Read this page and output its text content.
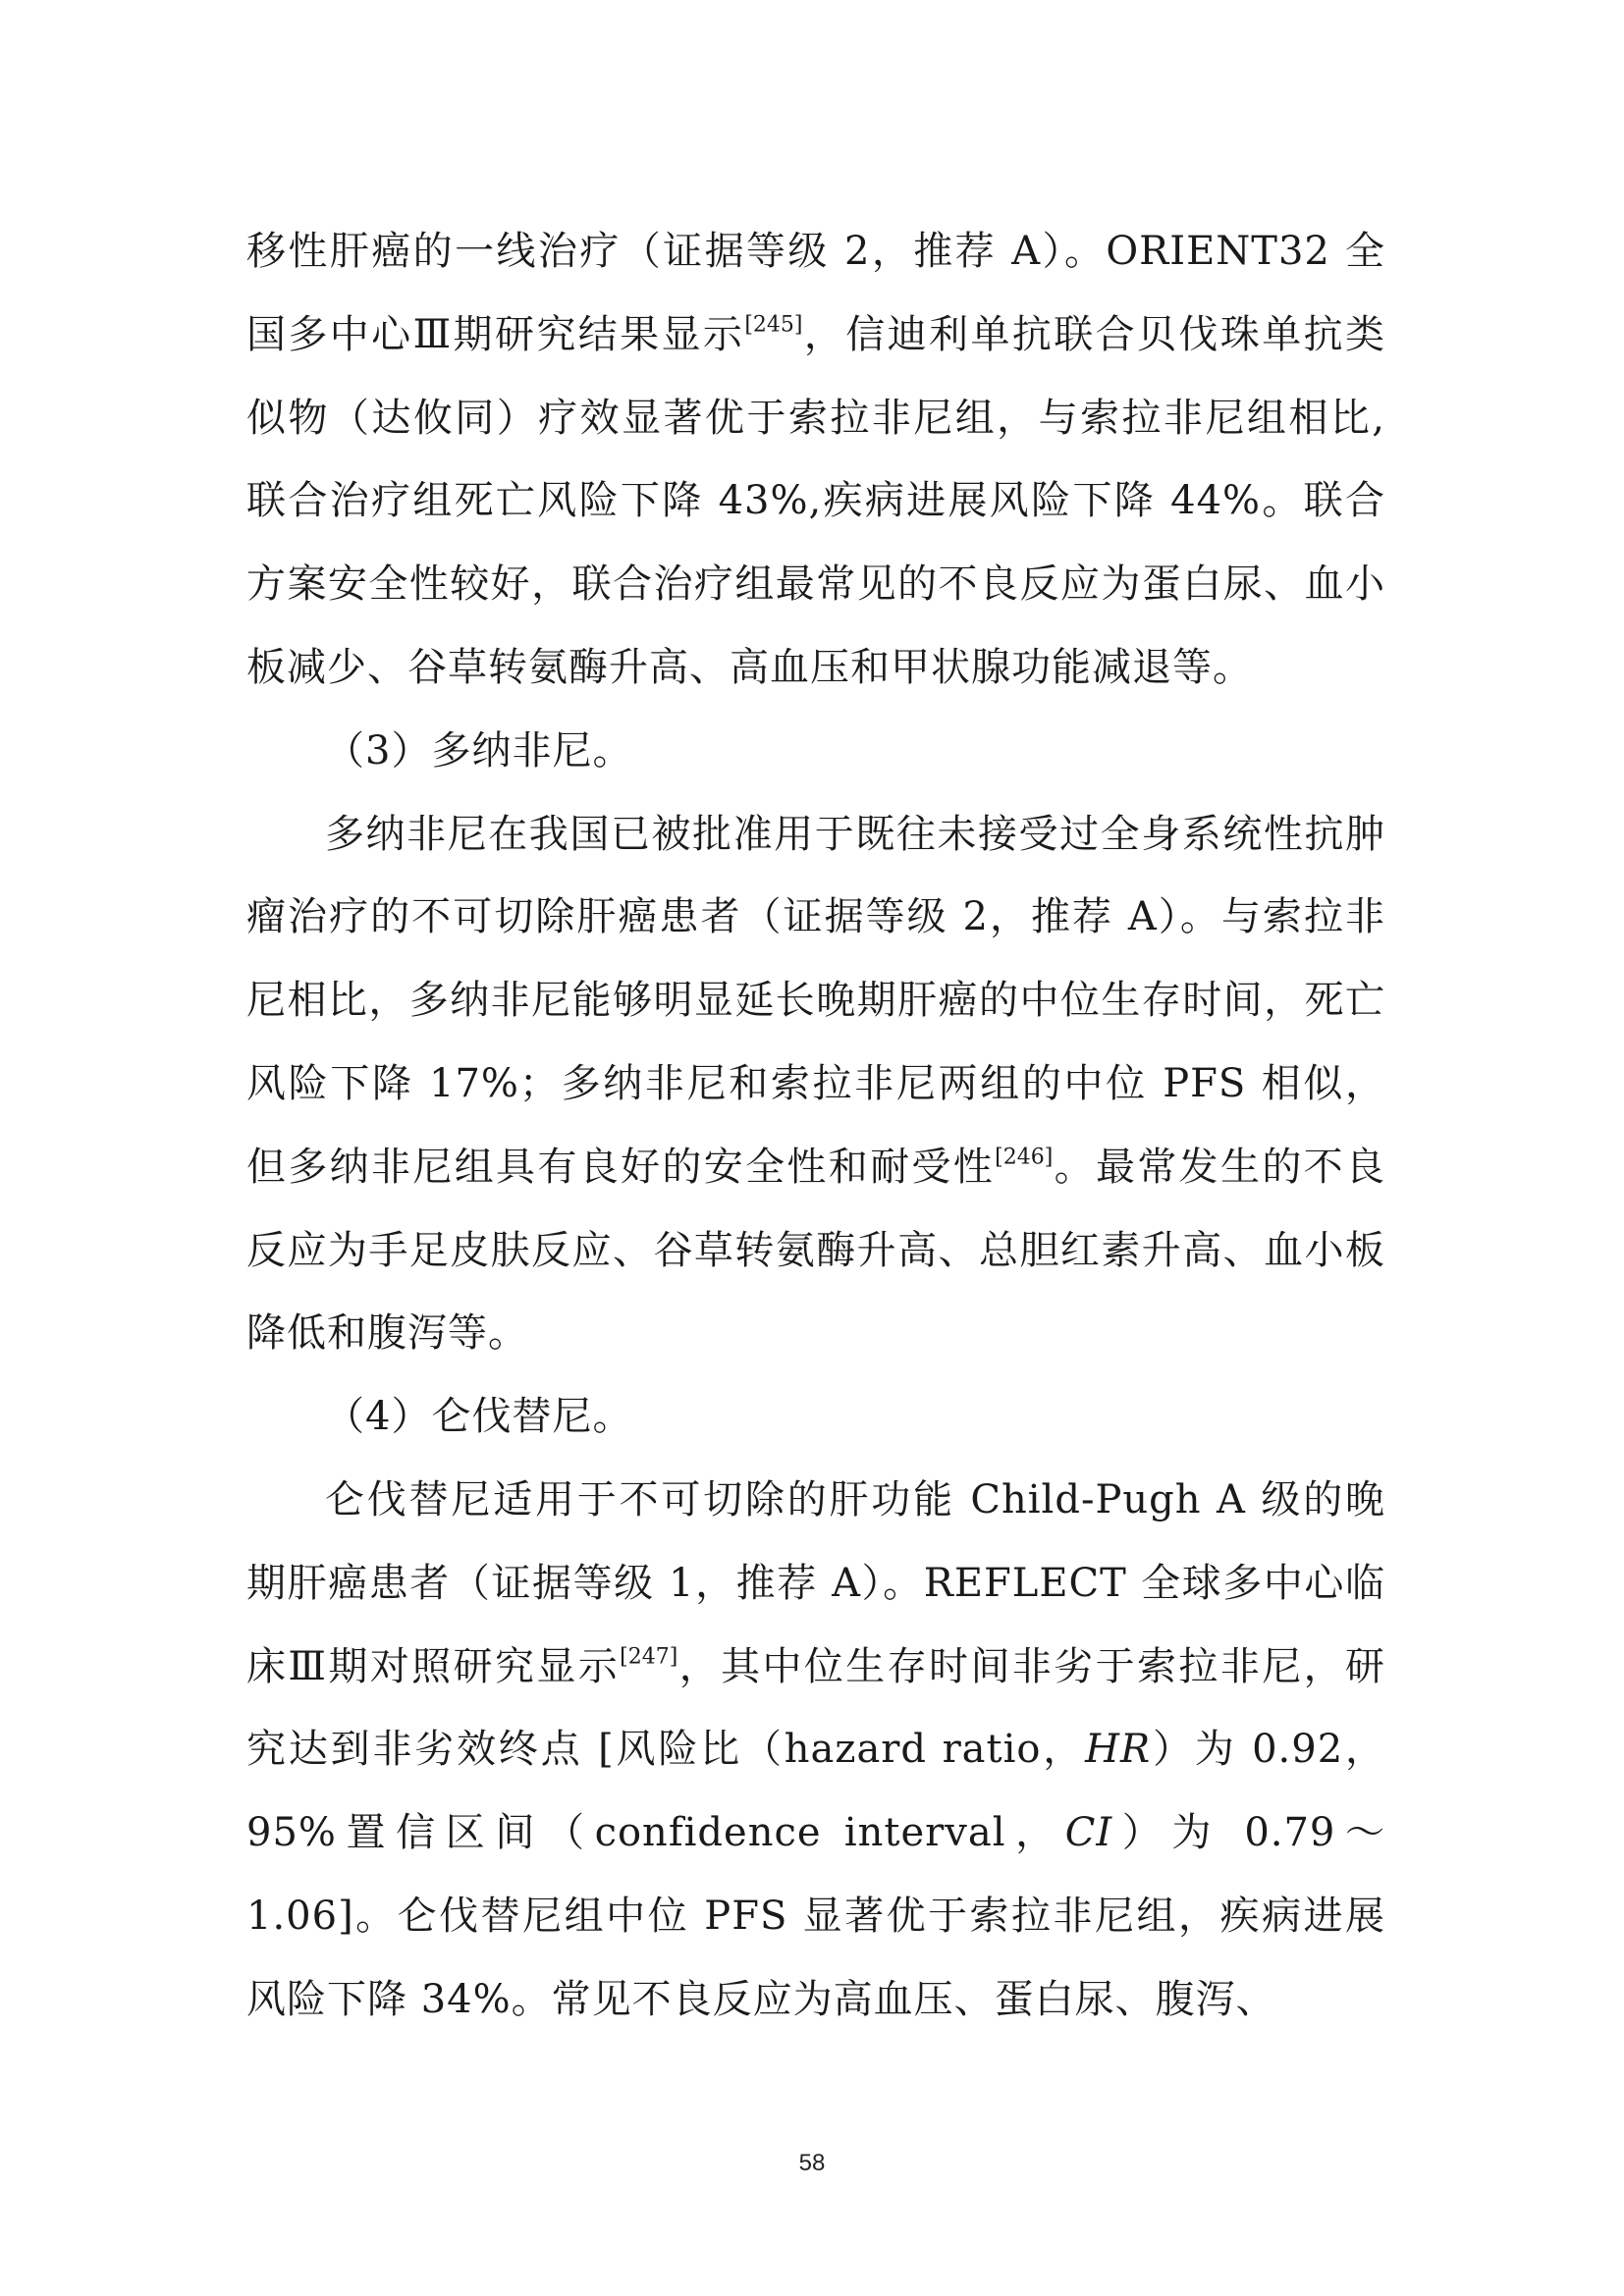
移性肝癌的一线治疗（证据等级 2，推荐 A）。ORIENT32 全国多中心Ⅲ期研究结果显示[245]，信迪利单抗联合贝伐珠单抗类似物（达攸同）疗效显著优于索拉非尼组，与索拉非尼组相比,联合治疗组死亡风险下降 43%,疾病进展风险下降 44%。联合方案安全性较好，联合治疗组最常见的不良反应为蛋白尿、血小板减少、谷草转氨酶升高、高血压和甲状腺功能减退等。

（3）多纳非尼。

多纳非尼在我国已被批准用于既往未接受过全身系统性抗肿瘤治疗的不可切除肝癌患者（证据等级 2，推荐 A）。与索拉非尼相比，多纳非尼能够明显延长晚期肝癌的中位生存时间，死亡风险下降 17%；多纳非尼和索拉非尼两组的中位 PFS 相似，但多纳非尼组具有良好的安全性和耐受性[246]。最常发生的不良反应为手足皮肤反应、谷草转氨酶升高、总胆红素升高、血小板降低和腹泻等。

（4）仑伐替尼。

仑伐替尼适用于不可切除的肝功能 Child-Pugh A 级的晚期肝癌患者（证据等级 1，推荐 A）。REFLECT 全球多中心临床Ⅲ期对照研究显示[247]，其中位生存时间非劣于索拉非尼，研究达到非劣效终点 [风险比（hazard ratio，HR）为 0.92，95%置信区间（confidence interval，CI）为 0.79～1.06]。仑伐替尼组中位 PFS 显著优于索拉非尼组，疾病进展风险下降 34%。常见不良反应为高血压、蛋白尿、腹泻、

58
